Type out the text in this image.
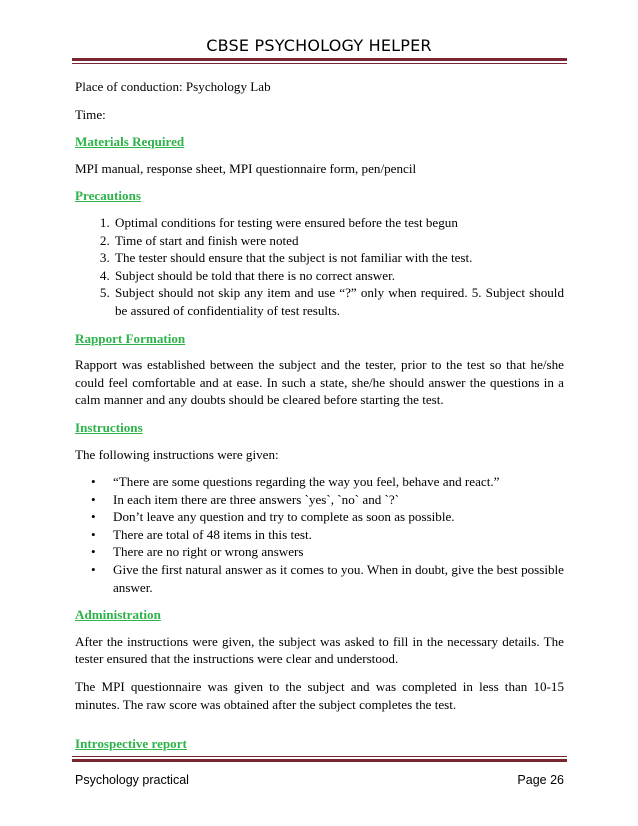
CBSE PSYCHOLOGY HELPER

Place of conduction: Psychology Lab

Time:

Materials Required

MPI manual, response sheet, MPI questionnaire form, pen/pencil

Precautions
1. Optimal conditions for testing were ensured before the test begun
2. Time of start and finish were noted
3. The tester should ensure that the subject is not familiar with the test.
4. Subject should be told that there is no correct answer.
5. Subject should not skip any item and use “?” only when required. 5. Subject should be assured of confidentiality of test results.
Rapport Formation

Rapport was established between the subject and the tester, prior to the test so that he/she could feel comfortable and at ease. In such a state, she/he should answer the questions in a calm manner and any doubts should be cleared before starting the test.

Instructions

The following instructions were given:

• “There are some questions regarding the way you feel, behave and react.”
• In each item there are three answers `yes`, `no` and `?`
• Don’t leave any question and try to complete as soon as possible.
• There are total of 48 items in this test.
• There are no right or wrong answers
• Give the first natural answer as it comes to you. When in doubt, give the best possible answer.
Administration

After the instructions were given, the subject was asked to fill in the necessary details. The tester ensured that the instructions were clear and understood.

The MPI questionnaire was given to the subject and was completed in less than 10-15 minutes. The raw score was obtained after the subject completes the test.

Introspective report
Psychology practical	Page 26
